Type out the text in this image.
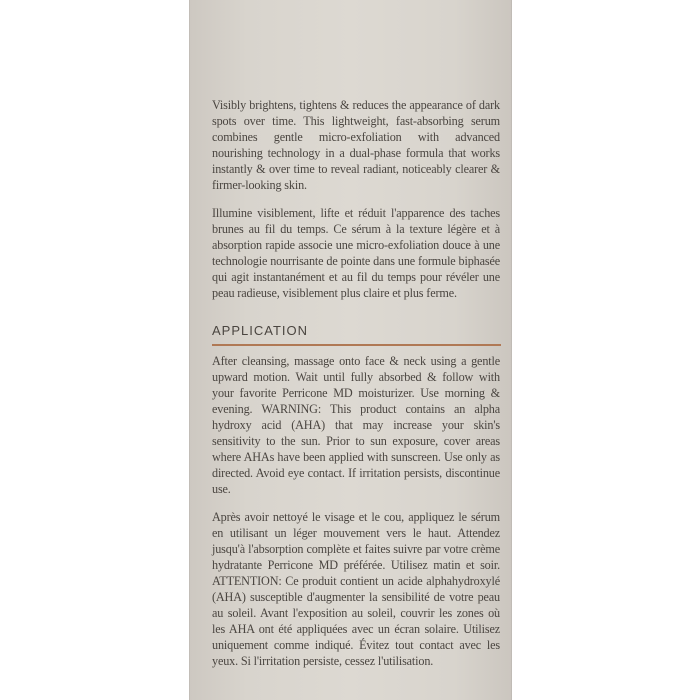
Visibly brightens, tightens & reduces the appearance of dark spots over time. This lightweight, fast-absorbing serum combines gentle micro-exfoliation with advanced nourishing technology in a dual-phase formula that works instantly & over time to reveal radiant, noticeably clearer & firmer-looking skin.

Illumine visiblement, lifte et réduit l'apparence des taches brunes au fil du temps. Ce sérum à la texture légère et à absorption rapide associe une micro-exfoliation douce à une technologie nourrisante de pointe dans une formule biphasée qui agit instantanément et au fil du temps pour révéler une peau radieuse, visiblement plus claire et plus ferme.

APPLICATION

After cleansing, massage onto face & neck using a gentle upward motion. Wait until fully absorbed & follow with your favorite Perricone MD moisturizer. Use morning & evening. WARNING: This product contains an alpha hydroxy acid (AHA) that may increase your skin's sensitivity to the sun. Prior to sun exposure, cover areas where AHAs have been applied with sunscreen. Use only as directed. Avoid eye contact. If irritation persists, discontinue use.

Après avoir nettoyé le visage et le cou, appliquez le sérum en utilisant un léger mouvement vers le haut. Attendez jusqu'à l'absorption complète et faites suivre par votre crème hydratante Perricone MD préférée. Utilisez matin et soir. ATTENTION: Ce produit contient un acide alphahydroxylé (AHA) susceptible d'augmenter la sensibilité de votre peau au soleil. Avant l'exposition au soleil, couvrir les zones où les AHA ont été appliquées avec un écran solaire. Utilisez uniquement comme indiqué. Évitez tout contact avec les yeux. Si l'irritation persiste, cessez l'utilisation.
